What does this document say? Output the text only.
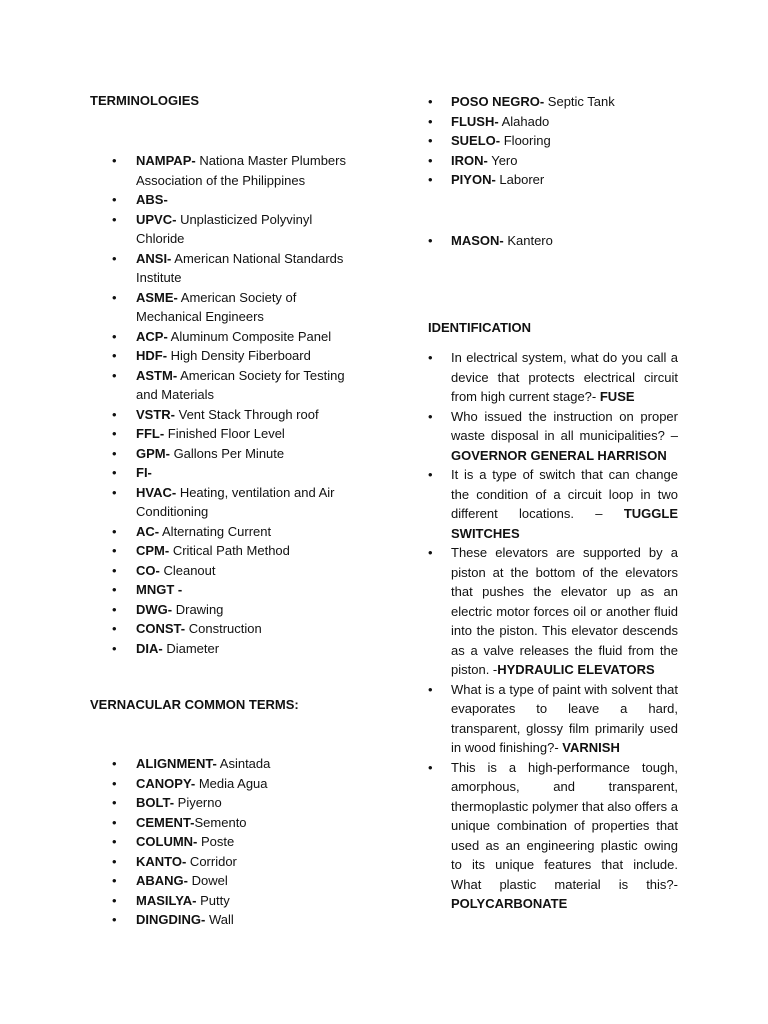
TERMINOLOGIES
• NAMPAP- Nationa Master Plumbers Association of the Philippines
• ABS-
• UPVC- Unplasticized Polyvinyl Chloride
• ANSI- American National Standards Institute
• ASME- American Society of Mechanical Engineers
• ACP- Aluminum Composite Panel
• HDF- High Density Fiberboard
• ASTM- American Society for Testing and Materials
• VSTR- Vent Stack Through roof
• FFL- Finished Floor Level
• GPM- Gallons Per Minute
• FI-
• HVAC- Heating, ventilation and Air Conditioning
• AC- Alternating Current
• CPM- Critical Path Method
• CO- Cleanout
• MNGT -
• DWG- Drawing
• CONST- Construction
• DIA- Diameter
VERNACULAR COMMON TERMS:
• ALIGNMENT- Asintada
• CANOPY- Media Agua
• BOLT- Piyerno
• CEMENT-Semento
• COLUMN- Poste
• KANTO- Corridor
• ABANG- Dowel
• MASILYA- Putty
• DINGDING- Wall
• POSO NEGRO- Septic Tank
• FLUSH- Alahado
• SUELO- Flooring
• IRON- Yero
• PIYON- Laborer
• MASON- Kantero
IDENTIFICATION
• In electrical system, what do you call a device that protects electrical circuit from high current stage?- FUSE
• Who issued the instruction on proper waste disposal in all municipalities? – GOVERNOR GENERAL HARRISON
• It is a type of switch that can change the condition of a circuit loop in two different locations. – TUGGLE SWITCHES
• These elevators are supported by a piston at the bottom of the elevators that pushes the elevator up as an electric motor forces oil or another fluid into the piston. This elevator descends as a valve releases the fluid from the piston. -HYDRAULIC ELEVATORS
• What is a type of paint with solvent that evaporates to leave a hard, transparent, glossy film primarily used in wood finishing?- VARNISH
• This is a high-performance tough, amorphous, and transparent, thermoplastic polymer that also offers a unique combination of properties that used as an engineering plastic owing to its unique features that include. What plastic material is this?- POLYCARBONATE
